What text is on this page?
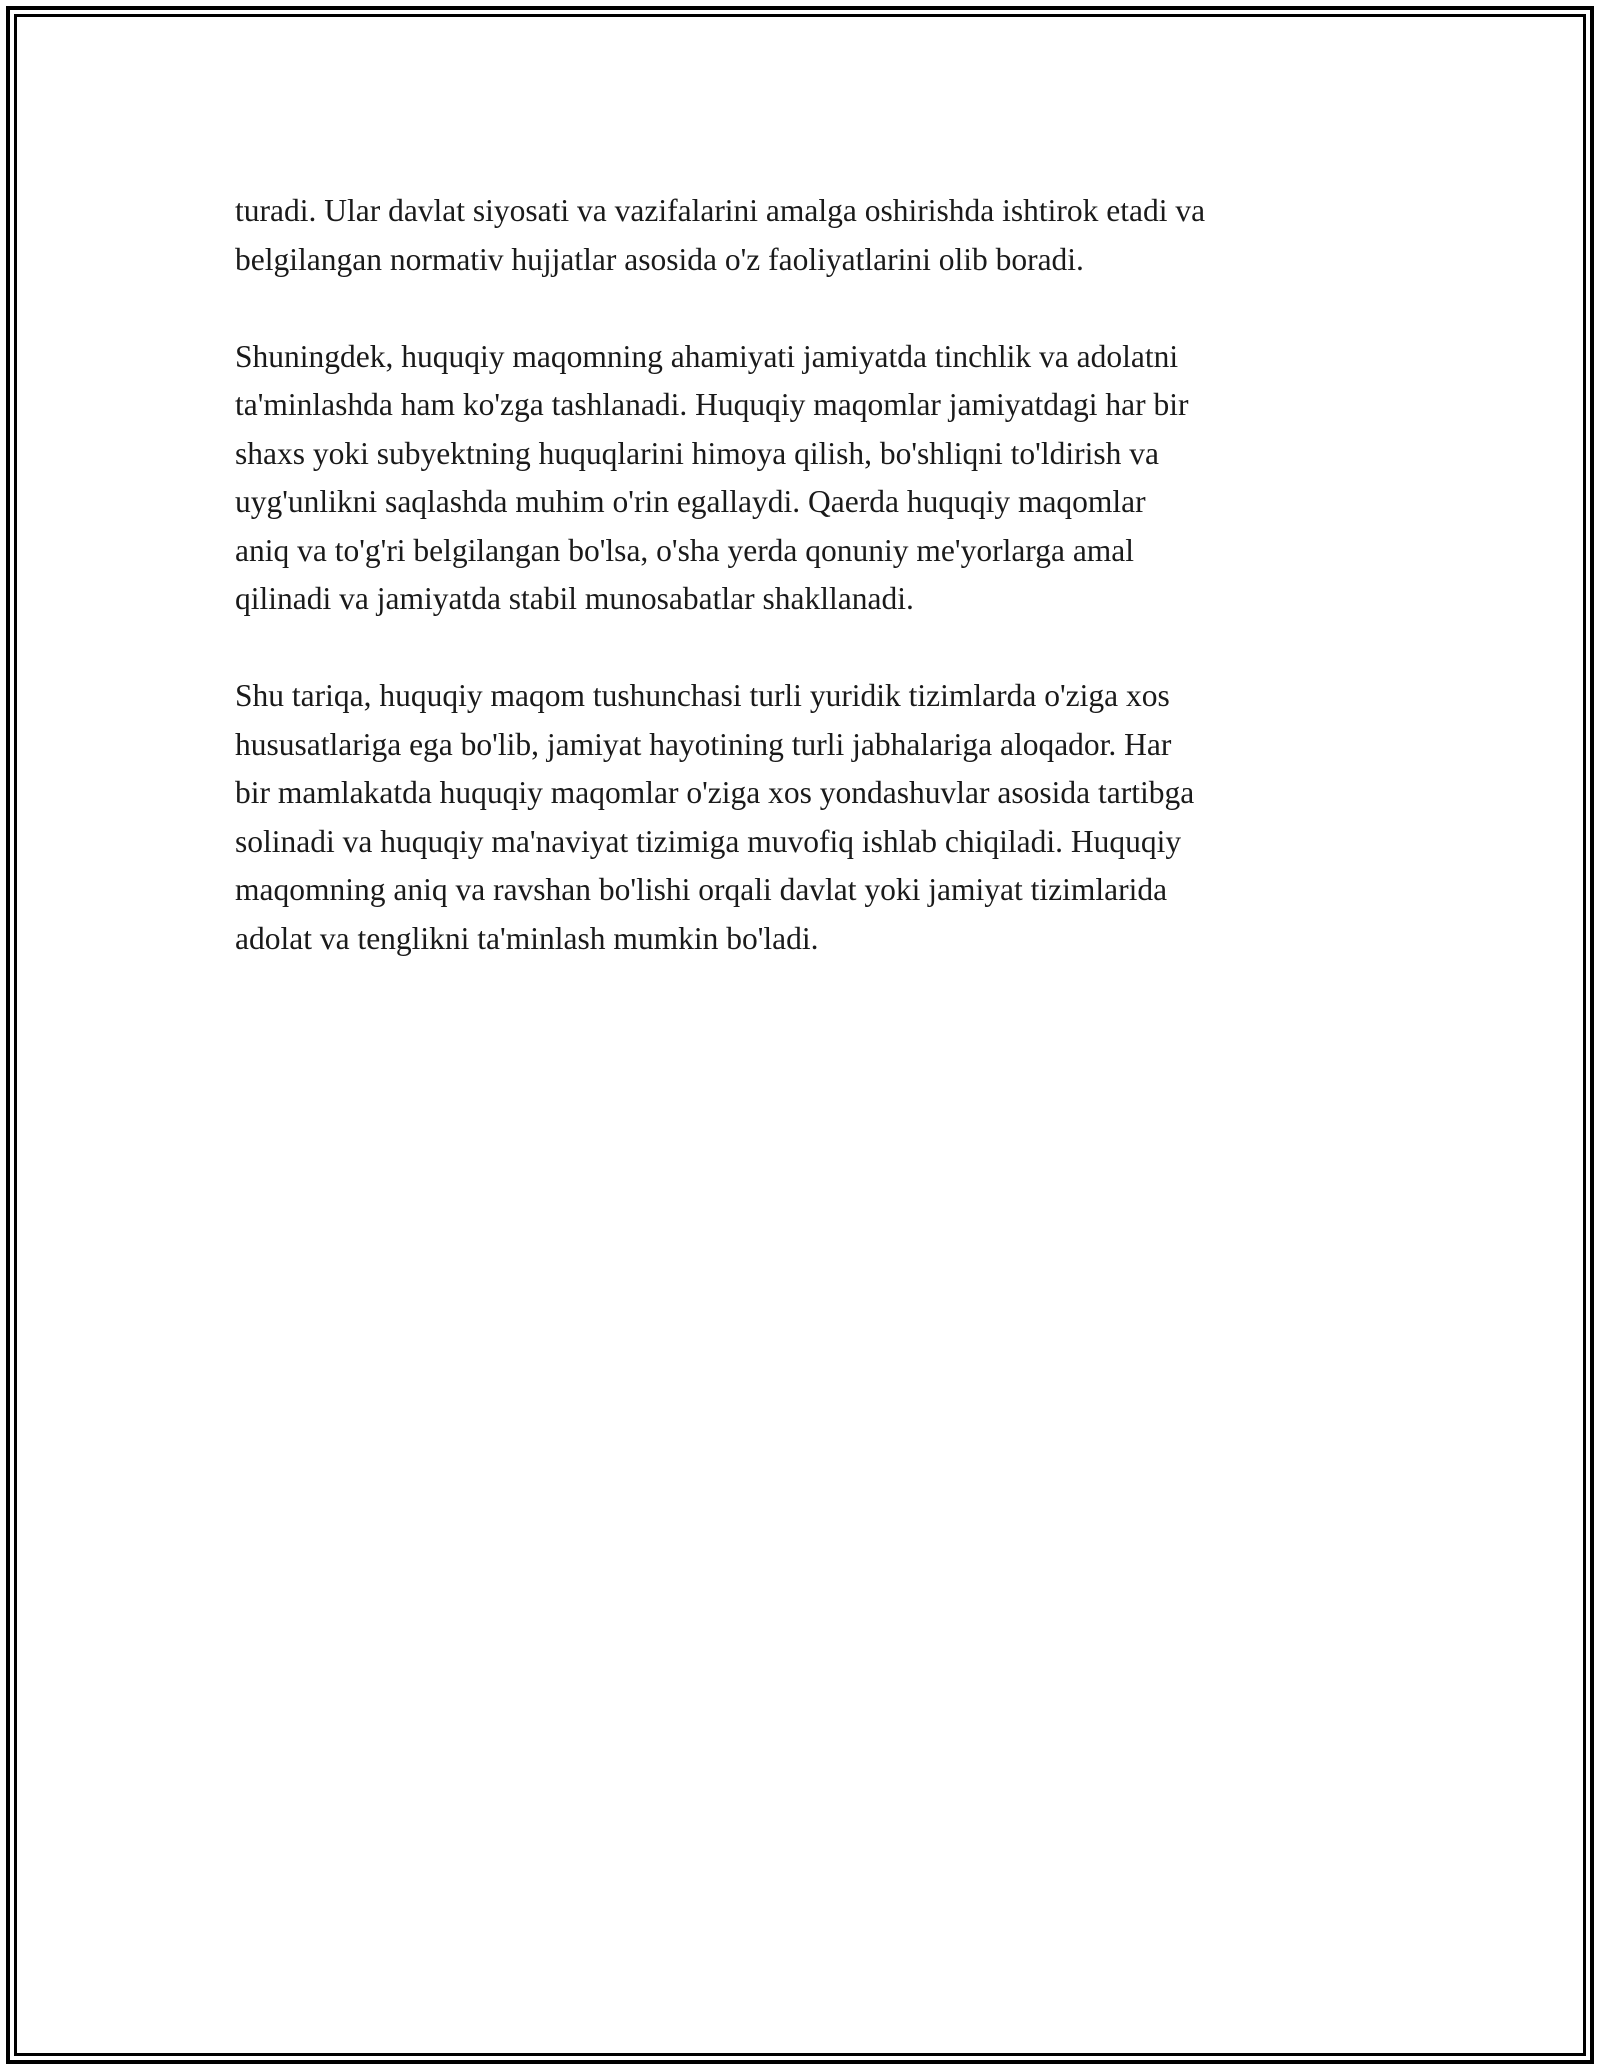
turadi. Ular davlat siyosati va vazifalarini amalga oshirishda ishtirok etadi va
belgilangan normativ hujjatlar asosida o'z faoliyatlarini olib boradi.

Shuningdek, huquqiy maqomning ahamiyati jamiyatda tinchlik va adolatni
ta'minlashda ham ko'zga tashlanadi. Huquqiy maqomlar jamiyatdagi har bir
shaxs yoki subyektning huquqlarini himoya qilish, bo'shliqni to'ldirish va
uyg'unlikni saqlashda muhim o'rin egallaydi. Qaerda huquqiy maqomlar
aniq va to'g'ri belgilangan bo'lsa, o'sha yerda qonuniy me'yorlarga amal
qilinadi va jamiyatda stabil munosabatlar shakllanadi.

Shu tariqa, huquqiy maqom tushunchasi turli yuridik tizimlarda o'ziga xos
hususatlariga ega bo'lib, jamiyat hayotining turli jabhalariga aloqador. Har
bir mamlakatda huquqiy maqomlar o'ziga xos yondashuvlar asosida tartibga
solinadi va huquqiy ma'naviyat tizimiga muvofiq ishlab chiqiladi. Huquqiy
maqomning aniq va ravshan bo'lishi orqali davlat yoki jamiyat tizimlarida
adolat va tenglikni ta'minlash mumkin bo'ladi.
